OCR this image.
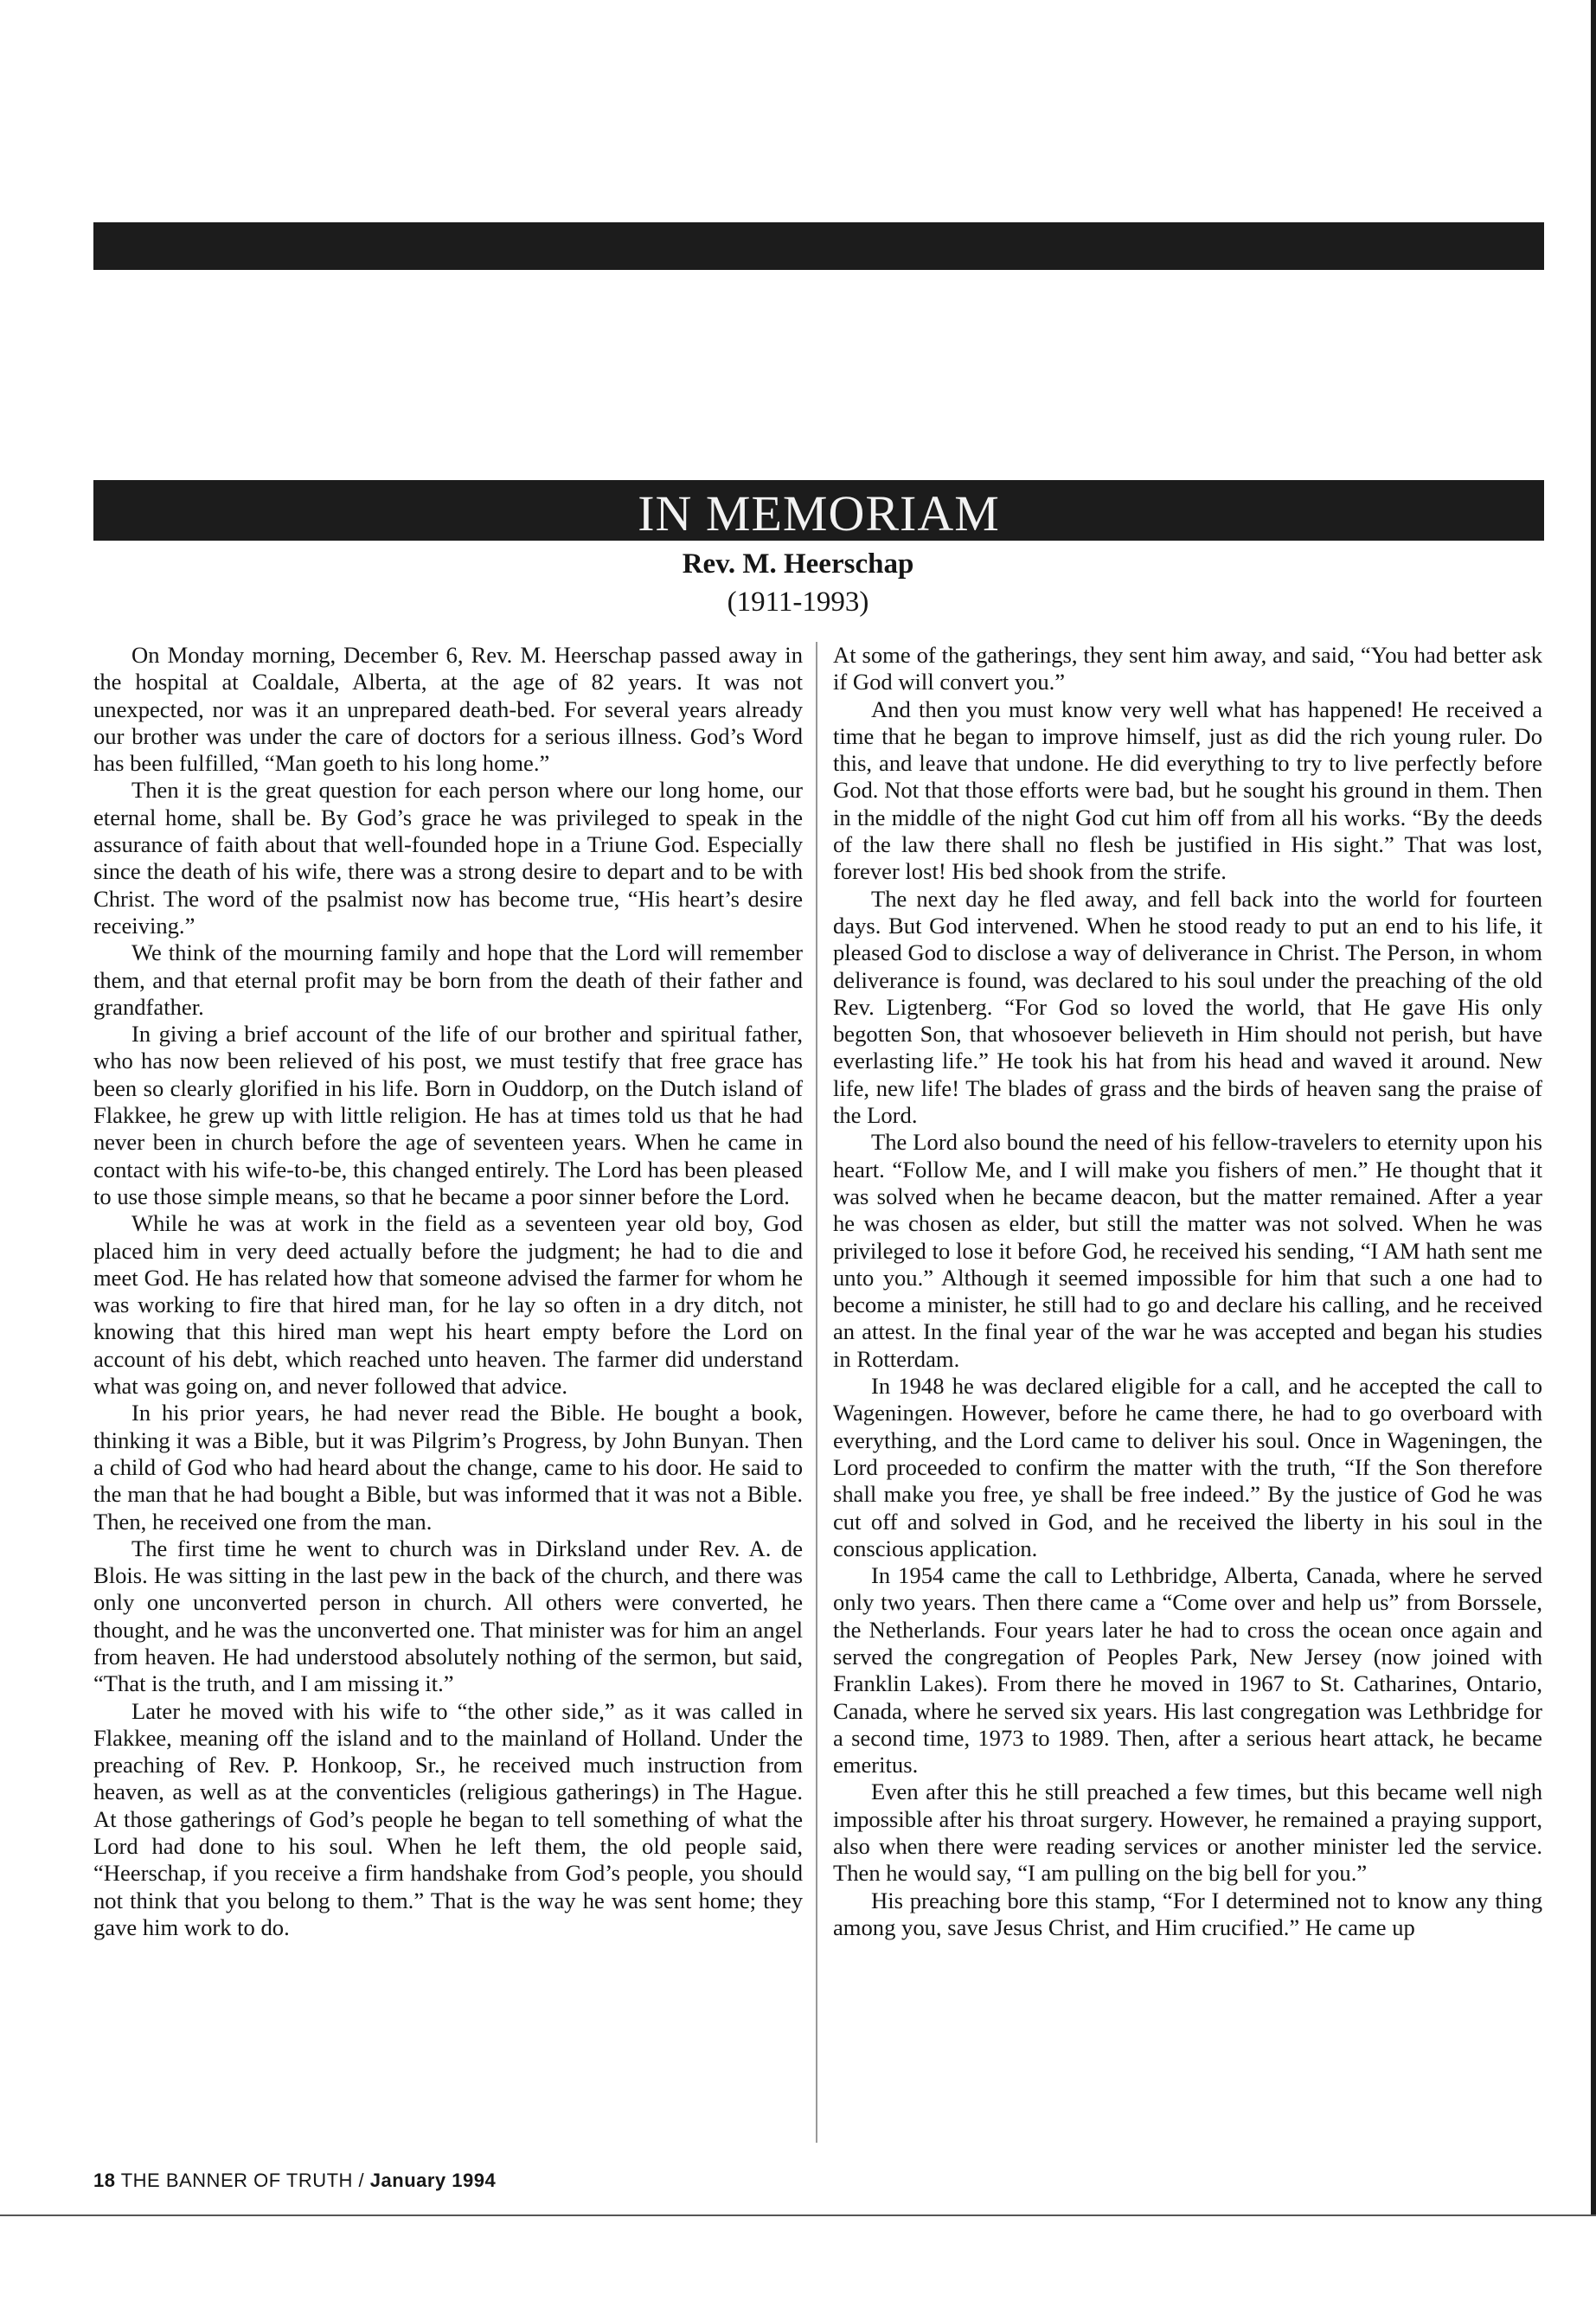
IN MEMORIAM
Rev. M. Heerschap
(1911-1993)

On Monday morning, December 6, Rev. M. Heerschap passed away in the hospital at Coaldale, Alberta, at the age of 82 years. It was not unexpected, nor was it an unprepared death-bed. For several years already our brother was under the care of doctors for a serious illness. God’s Word has been fulfilled, “Man goeth to his long home.”

Then it is the great question for each person where our long home, our eternal home, shall be. By God’s grace he was privileged to speak in the assurance of faith about that well-founded hope in a Triune God. Especially since the death of his wife, there was a strong desire to depart and to be with Christ. The word of the psalmist now has become true, “His heart’s desire receiving.”

We think of the mourning family and hope that the Lord will remember them, and that eternal profit may be born from the death of their father and grandfather.

In giving a brief account of the life of our brother and spiritual father, who has now been relieved of his post, we must testify that free grace has been so clearly glorified in his life. Born in Ouddorp, on the Dutch island of Flakkee, he grew up with little religion. He has at times told us that he had never been in church before the age of seventeen years. When he came in contact with his wife-to-be, this changed entirely. The Lord has been pleased to use those simple means, so that he became a poor sinner before the Lord.

While he was at work in the field as a seventeen year old boy, God placed him in very deed actually before the judgment; he had to die and meet God. He has related how that someone advised the farmer for whom he was working to fire that hired man, for he lay so often in a dry ditch, not knowing that this hired man wept his heart empty before the Lord on account of his debt, which reached unto heaven. The farmer did understand what was going on, and never followed that advice.

In his prior years, he had never read the Bible. He bought a book, thinking it was a Bible, but it was Pilgrim’s Progress, by John Bunyan. Then a child of God who had heard about the change, came to his door. He said to the man that he had bought a Bible, but was informed that it was not a Bible. Then, he received one from the man.

The first time he went to church was in Dirksland under Rev. A. de Blois. He was sitting in the last pew in the back of the church, and there was only one unconverted person in church. All others were converted, he thought, and he was the unconverted one. That minister was for him an angel from heaven. He had understood absolutely nothing of the sermon, but said, “That is the truth, and I am missing it.”

Later he moved with his wife to “the other side,” as it was called in Flakkee, meaning off the island and to the mainland of Holland. Under the preaching of Rev. P. Honkoop, Sr., he received much instruction from heaven, as well as at the conventicles (religious gatherings) in The Hague. At those gatherings of God’s people he began to tell something of what the Lord had done to his soul. When he left them, the old people said, “Heerschap, if you receive a firm handshake from God’s people, you should not think that you belong to them.” That is the way he was sent home; they gave him work to do.

At some of the gatherings, they sent him away, and said, “You had better ask if God will convert you.”

And then you must know very well what has happened! He received a time that he began to improve himself, just as did the rich young ruler. Do this, and leave that undone. He did everything to try to live perfectly before God. Not that those efforts were bad, but he sought his ground in them. Then in the middle of the night God cut him off from all his works. “By the deeds of the law there shall no flesh be justified in His sight.” That was lost, forever lost! His bed shook from the strife.

The next day he fled away, and fell back into the world for fourteen days. But God intervened. When he stood ready to put an end to his life, it pleased God to disclose a way of deliverance in Christ. The Person, in whom deliverance is found, was declared to his soul under the preaching of the old Rev. Ligtenberg. “For God so loved the world, that He gave His only begotten Son, that whosoever believeth in Him should not perish, but have everlasting life.” He took his hat from his head and waved it around. New life, new life! The blades of grass and the birds of heaven sang the praise of the Lord.

The Lord also bound the need of his fellow-travelers to eternity upon his heart. “Follow Me, and I will make you fishers of men.” He thought that it was solved when he became deacon, but the matter remained. After a year he was chosen as elder, but still the matter was not solved. When he was privileged to lose it before God, he received his sending, “I AM hath sent me unto you.” Although it seemed impossible for him that such a one had to become a minister, he still had to go and declare his calling, and he received an attest. In the final year of the war he was accepted and began his studies in Rotterdam.

In 1948 he was declared eligible for a call, and he accepted the call to Wageningen. However, before he came there, he had to go overboard with everything, and the Lord came to deliver his soul. Once in Wageningen, the Lord proceeded to confirm the matter with the truth, “If the Son therefore shall make you free, ye shall be free indeed.” By the justice of God he was cut off and solved in God, and he received the liberty in his soul in the conscious application.

In 1954 came the call to Lethbridge, Alberta, Canada, where he served only two years. Then there came a “Come over and help us” from Borssele, the Netherlands. Four years later he had to cross the ocean once again and served the congregation of Peoples Park, New Jersey (now joined with Franklin Lakes). From there he moved in 1967 to St. Catharines, Ontario, Canada, where he served six years. His last congregation was Lethbridge for a second time, 1973 to 1989. Then, after a serious heart attack, he became emeritus.

Even after this he still preached a few times, but this became well nigh impossible after his throat surgery. However, he remained a praying support, also when there were reading services or another minister led the service. Then he would say, “I am pulling on the big bell for you.”

His preaching bore this stamp, “For I determined not to know any thing among you, save Jesus Christ, and Him crucified.” He came up

18 THE BANNER OF TRUTH / January 1994
